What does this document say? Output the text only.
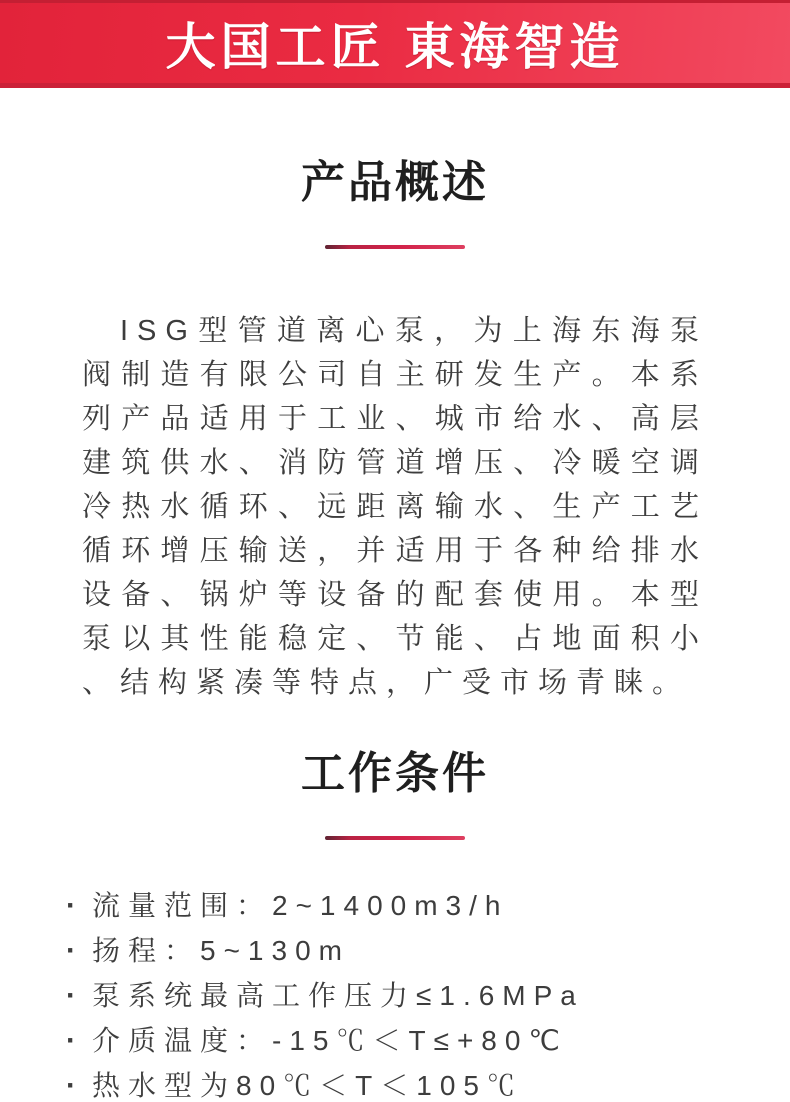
大国工匠 東海智造
产品概述

ISG型管道离心泵，为上海东海泵阀制造有限公司自主研发生产。本系列产品适用于工业、城市给水、高层建筑供水、消防管道增压、冷暖空调冷热水循环、远距离输水、生产工艺循环增压输送，并适用于各种给排水设备、锅炉等设备的配套使用。本型泵以其性能稳定、节能、占地面积小、结构紧凑等特点，广受市场青睐。

工作条件
· 流量范围：2~1400m3/h
· 扬程：5~130m
· 泵系统最高工作压力≤1.6MPa
· 介质温度：-15℃＜T≤+80℃
· 热水型为80℃＜T＜105℃
